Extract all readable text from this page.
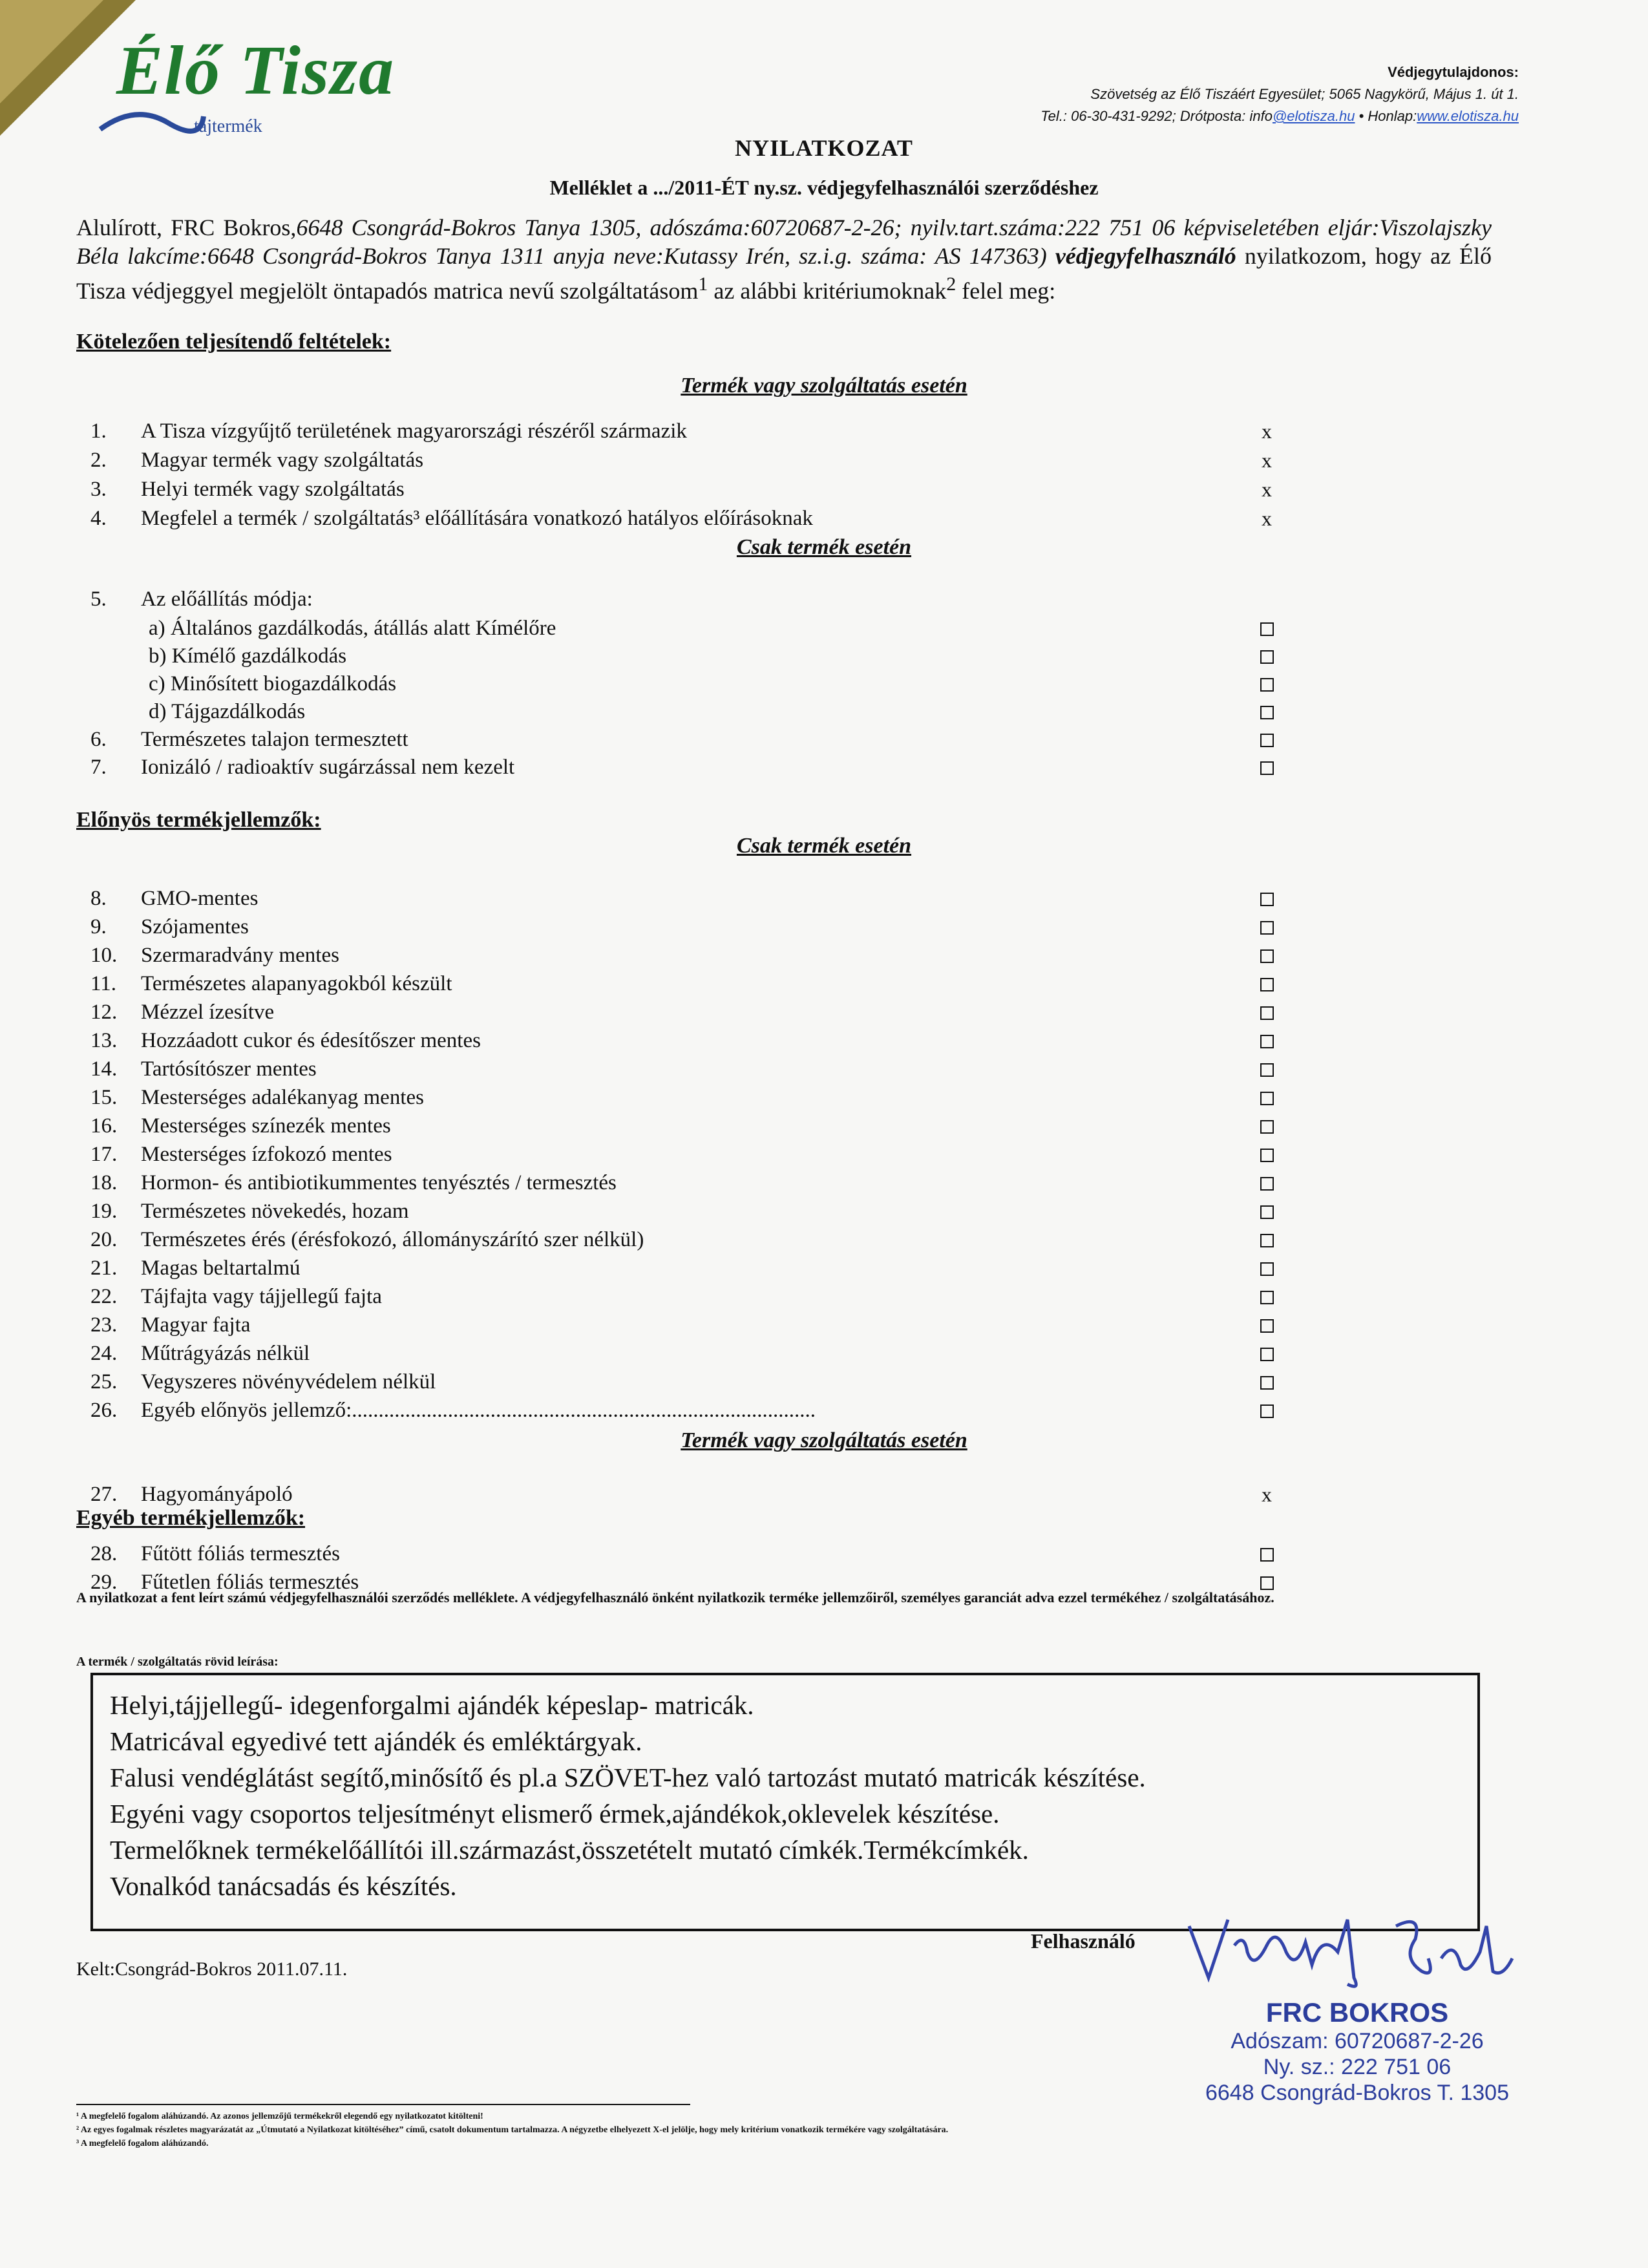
Élő Tisza
tájtermék
Védjegytulajdonos:
Szövetség az Élő Tiszáért Egyesület; 5065 Nagykörű, Május 1. út 1.
Tel.: 06-30-431-9292; Drótposta: info@elotisza.hu • Honlap:www.elotisza.hu
NYILATKOZAT
Melléklet a .../2011-ÉT ny.sz. védjegyfelhasználói szerződéshez
Alulírott, FRC Bokros,6648 Csongrád-Bokros Tanya 1305, adószáma:60720687-2-26; nyilv.tart.száma:222 751 06 képviseletében eljár:Viszolajszky Béla lakcíme:6648 Csongrád-Bokros Tanya 1311 anyja neve:Kutassy Irén, sz.i.g. száma: AS 147363) védjegyfelhasználó nyilatkozom, hogy az Élő Tisza védjeggyel megjelölt öntapadós matrica nevű szolgáltatásom$^1$ az alábbi kritériumoknak$^2$ felel meg:
Kötelezően teljesítendő feltételek:
Termék vagy szolgáltatás esetén
Csak termék esetén
Előnyös termékjellemzők:
Csak termék esetén
Termék vagy szolgáltatás esetén
Egyéb termékjellemzők:
1.	A Tisza vízgyűjtő területének magyarországi részéről származik	x
2.	Magyar termék vagy szolgáltatás	x
3.	Helyi termék vagy szolgáltatás	x
4.	Megfelel a termék / szolgáltatás³ előállítására vonatkozó hatályos előírásoknak	x
5.	Az előállítás módja:
a) Általános gazdálkodás, átállás alatt Kímélőre
b) Kímélő gazdálkodás
c) Minősített biogazdálkodás
d) Tájgazdálkodás
6.	Természetes talajon termesztett
7.	Ionizáló / radioaktív sugárzással nem kezelt
8.	GMO-mentes
9.	Szójamentes
10.	Szermaradvány mentes
11.	Természetes alapanyagokból készült
12.	Mézzel ízesítve
13.	Hozzáadott cukor és édesítőszer mentes
14.	Tartósítószer mentes
15.	Mesterséges adalékanyag mentes
16.	Mesterséges színezék mentes
17.	Mesterséges ízfokozó mentes
18.	Hormon- és antibiotikummentes tenyésztés / termesztés
19.	Természetes növekedés, hozam
20.	Természetes érés (érésfokozó, állományszárító szer nélkül)
21.	Magas beltartalmú
22.	Tájfajta vagy tájjellegű fajta
23.	Magyar fajta
24.	Műtrágyázás nélkül
25.	Vegyszeres növényvédelem nélkül
26.	Egyéb előnyös jellemző:.......................................................................................
27.	Hagyományápoló	x
28.	Fűtött fóliás termesztés
29.	Fűtetlen fóliás termesztés
A nyilatkozat a fent leírt számú védjegyfelhasználói szerződés melléklete. A védjegyfelhasználó önként nyilatkozik terméke jellemzőiről, személyes garanciát adva ezzel termékéhez / szolgáltatásához.
A termék / szolgáltatás rövid leírása:
Helyi,tájjellegű- idegenforgalmi ajándék képeslap- matricák.
Matricával egyedivé tett ajándék és emléktárgyak.
Falusi vendéglátást segítő,minősítő és pl.a SZÖVET-hez való tartozást mutató matricák készítése.
Egyéni vagy csoportos teljesítményt elismerő érmek,ajándékok,oklevelek készítése.
Termelőknek termékelőállítói ill.származást,összetételt mutató címkék.Termékcímkék.
Vonalkód tanácsadás és készítés.
Kelt:Csongrád-Bokros 2011.07.11.
Felhasználó
FRC BOKROS
Adószam: 60720687-2-26
Ny. sz.: 222 751 06
6648 Csongrád-Bokros T. 1305
¹ A megfelelő fogalom aláhúzandó. Az azonos jellemzőjű termékekről elegendő egy nyilatkozatot kitölteni!
² Az egyes fogalmak részletes magyarázatát az „Útmutató a Nyilatkozat kitöltéséhez” című, csatolt dokumentum tartalmazza. A négyzetbe elhelyezett X-el jelölje, hogy mely kritérium vonatkozik termékére vagy szolgáltatására.
³ A megfelelő fogalom aláhúzandó.
